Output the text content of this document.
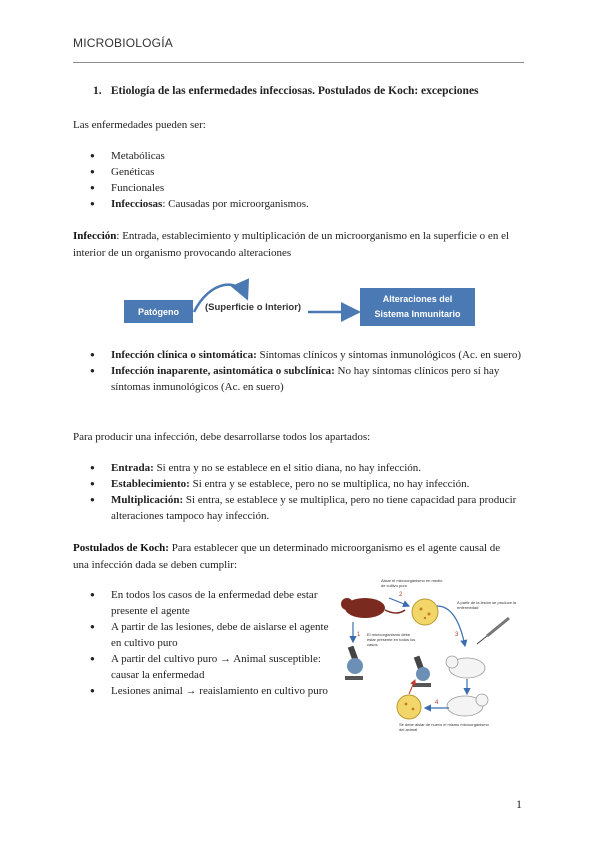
MICROBIOLOGÍA
1. Etiología de las enfermedades infecciosas. Postulados de Koch: excepciones
Las enfermedades pueden ser:
● Metabólicas
● Genéticas
● Funcionales
● Infecciosas: Causadas por microorganismos.
Infección: Entrada, establecimiento y multiplicación de un microorganismo en la superficie o en el interior de un organismo provocando alteraciones
Patógeno	(Superficie o Interior)
Alteraciones del
Sistema Inmunitario
● Infección clínica o sintomática: Síntomas clínicos y síntomas inmunológicos (Ac. en suero)
● Infección inaparente, asintomática o subclínica: No hay síntomas clínicos pero sí hay síntomas inmunológicos (Ac. en suero)
Para producir una infección, debe desarrollarse todos los apartados:
● Entrada: Si entra y no se establece en el sitio diana, no hay infección.
● Establecimiento: Si entra y se establece, pero no se multiplica, no hay infección.
● Multiplicación: Si entra, se establece y se multiplica, pero no tiene capacidad para producir alteraciones tampoco hay infección.
Postulados de Koch: Para establecer que un determinado microorganismo es el agente causal de una infección dada se deben cumplir:
● En todos los casos de la enfermedad debe estar presente el agente
● A partir de las lesiones, debe de aislarse el agente en cultivo puro
● A partir del cultivo puro → Animal susceptible: causar la enfermedad
● Lesiones animal → reaislamiento en cultivo puro
1
2
3
4
Aislar el microorganismo en medio de cultivo puro
A partir de la lesión se produce la enfermedad
El microorganismo debe estar presente en todos los casos
Se debe aislar de nuevo el mismo microorganismo del animal
1
